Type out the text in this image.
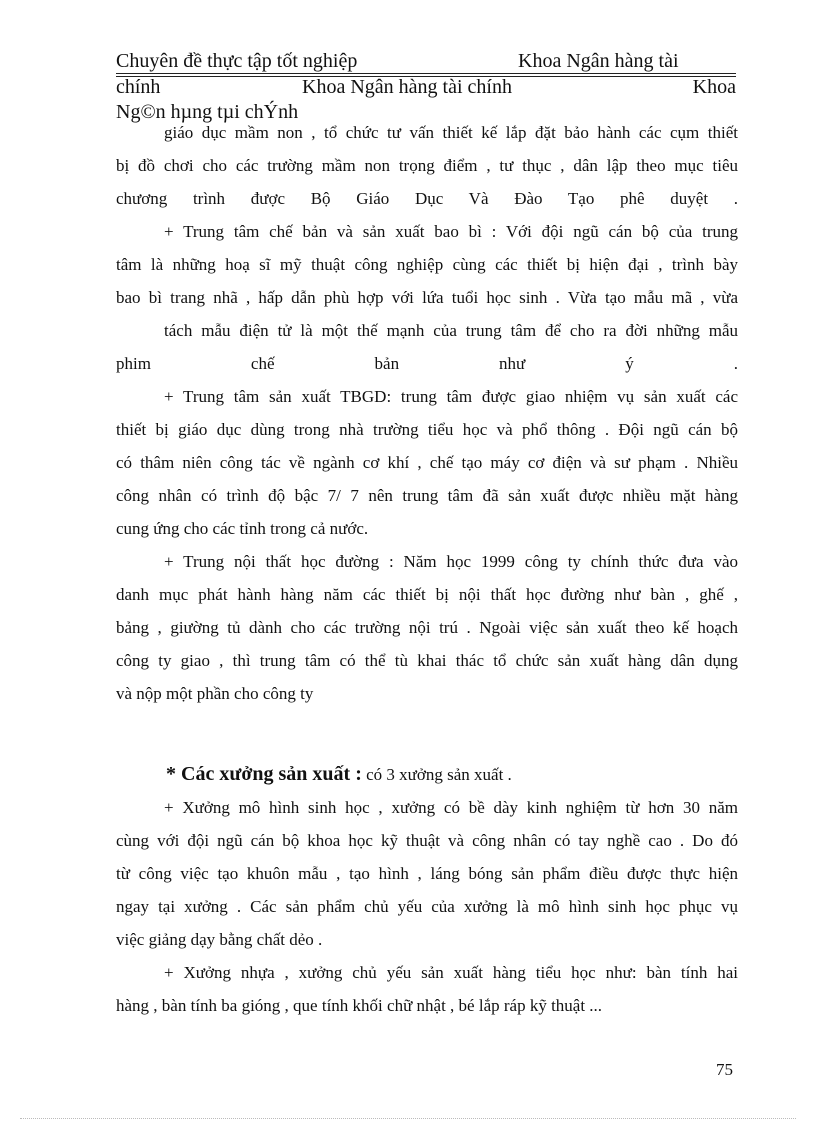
Chuyên đề thực tập tốt nghiệp	Khoa Ngân hàng tài
chính	Khoa Ngân hàng tài chính	Khoa
Ng©n hµng tµi chÝnh
giáo dục mầm non , tổ chức tư vấn thiết kế lắp đặt bảo hành các cụm thiết
bị đồ chơi cho các trường mầm non trọng điểm , tư thục , dân lập theo mục tiêu
chương trình được Bộ Giáo Dục Và Đào Tạo phê duyệt .
+ Trung tâm chế bản và sản xuất bao bì : Với đội ngũ cán bộ của trung
tâm là những hoạ sĩ mỹ thuật công nghiệp cùng các thiết bị hiện đại , trình bày
bao bì trang nhã , hấp dẫn phù hợp với lứa tuổi học sinh . Vừa tạo mẫu mã , vừa
tách mẫu điện tử là một thế mạnh của trung tâm để cho ra đời những mẫu
phim chế bản như ý .
+ Trung tâm sản xuất TBGD: trung tâm được giao nhiệm vụ sản xuất các
thiết bị giáo dục dùng trong nhà trường tiểu học và phổ thông . Đội ngũ cán bộ
có thâm niên công tác về ngành cơ khí , chế tạo máy cơ điện và sư phạm . Nhiều
công nhân có trình độ bậc 7/ 7 nên trung tâm đã sản xuất được nhiều mặt hàng
cung ứng cho các tỉnh trong cả nước.
+ Trung nội thất học đường : Năm học 1999 công ty chính thức đưa vào
danh mục phát hành hàng năm các thiết bị nội thất học đường như bàn , ghế ,
bảng , giường tủ dành cho các trường nội trú . Ngoài việc sản xuất theo kế hoạch
công ty giao , thì trung tâm có thể tù khai thác tổ chức sản xuất hàng dân dụng
và nộp một phần cho công ty
* Các xưởng sản xuất : có 3 xưởng sản xuất .
+ Xưởng mô hình sinh học , xưởng có bề dày kinh nghiệm từ hơn 30 năm
cùng với đội ngũ cán bộ khoa học kỹ thuật và công nhân có tay nghề cao . Do đó
từ công việc tạo khuôn mẫu , tạo hình , láng bóng sản phẩm điều được thực hiện
ngay tại xưởng . Các sản phẩm chủ yếu của xưởng là mô hình sinh học phục vụ
việc giảng dạy bằng chất dẻo .
+ Xưởng nhựa , xưởng chủ yếu sản xuất hàng tiểu học như: bàn tính hai
hàng , bàn tính ba gióng , que tính khối chữ nhật , bé lắp ráp kỹ thuật ...
75
